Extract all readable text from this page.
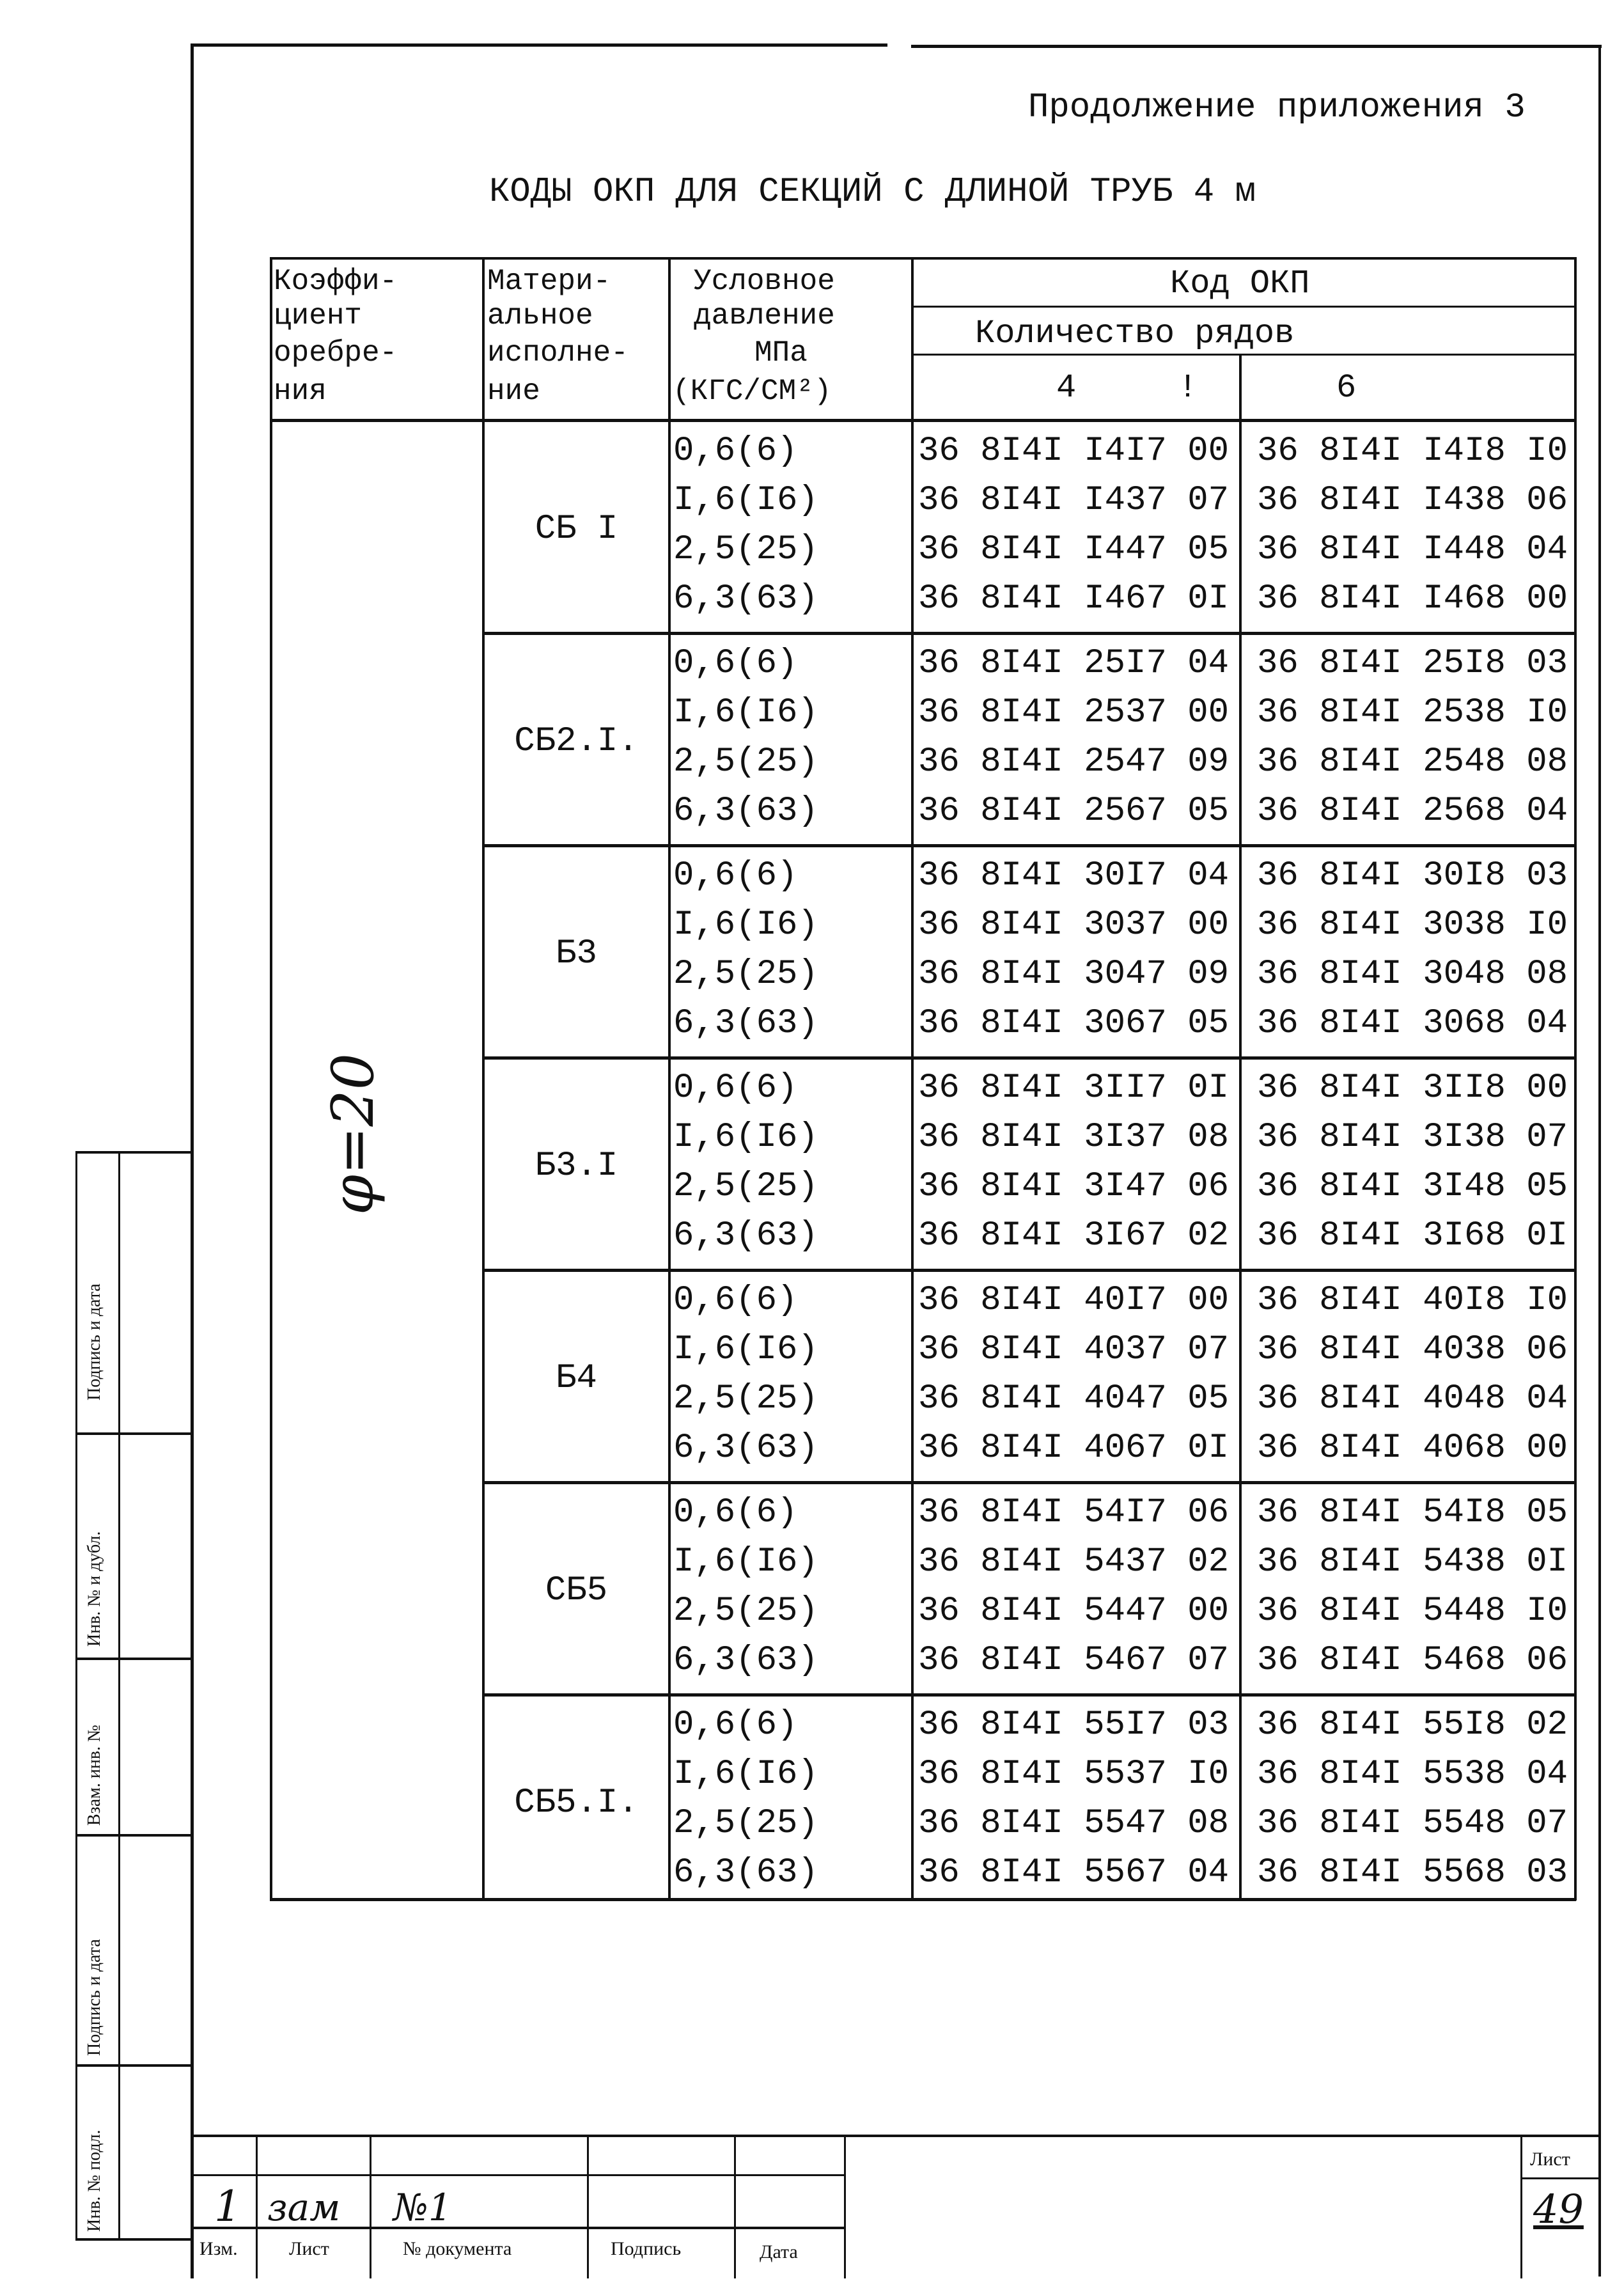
Продолжение приложения 3
КОДЫ ОКП ДЛЯ СЕКЦИЙ С ДЛИНОЙ ТРУБ 4 м
Коэффи-
циент
оребре-
ния
Матери-
альное
исполне-
ние
Условное
давление
МПа
(КГС/СМ²)
Код ОКП
Количество рядов
4	!	6
φ=20
СБ I
0,6(6)	36 8I4I I4I7 00 36 8I4I I4I8 I0
I,6(I6)	36 8I4I I437 07 36 8I4I I438 06
2,5(25)	36 8I4I I447 05 36 8I4I I448 04
6,3(63)	36 8I4I I467 0I 36 8I4I I468 00
СБ2.I.
0,6(6)	36 8I4I 25I7 04 36 8I4I 25I8 03
I,6(I6)	36 8I4I 2537 00 36 8I4I 2538 I0
2,5(25)	36 8I4I 2547 09 36 8I4I 2548 08
6,3(63)	36 8I4I 2567 05 36 8I4I 2568 04
Б3
0,6(6)	36 8I4I 30I7 04 36 8I4I 30I8 03
I,6(I6)	36 8I4I 3037 00 36 8I4I 3038 I0
2,5(25)	36 8I4I 3047 09 36 8I4I 3048 08
6,3(63)	36 8I4I 3067 05 36 8I4I 3068 04
Б3.I
0,6(6)	36 8I4I 3II7 0I 36 8I4I 3II8 00
I,6(I6)	36 8I4I 3I37 08 36 8I4I 3I38 07
2,5(25)	36 8I4I 3I47 06 36 8I4I 3I48 05
6,3(63)	36 8I4I 3I67 02 36 8I4I 3I68 0I
Б4
0,6(6)	36 8I4I 40I7 00 36 8I4I 40I8 I0
I,6(I6)	36 8I4I 4037 07 36 8I4I 4038 06
2,5(25)	36 8I4I 4047 05 36 8I4I 4048 04
6,3(63)	36 8I4I 4067 0I 36 8I4I 4068 00
СБ5
0,6(6)	36 8I4I 54I7 06 36 8I4I 54I8 05
I,6(I6)	36 8I4I 5437 02 36 8I4I 5438 0I
2,5(25)	36 8I4I 5447 00 36 8I4I 5448 I0
6,3(63)	36 8I4I 5467 07 36 8I4I 5468 06
СБ5.I.
0,6(6)	36 8I4I 55I7 03 36 8I4I 55I8 02
I,6(I6)	36 8I4I 5537 I0 36 8I4I 5538 04
2,5(25)	36 8I4I 5547 08 36 8I4I 5548 07
6,3(63)	36 8I4I 5567 04 36 8I4I 5568 03
Подпись и дата
Инв. № и дубл.
Взам. инв. №
Подпись и дата
Инв. № подл.	1 зам №1
Изм.	Лист	№ документа	Подпись	Дата
Лист
49
